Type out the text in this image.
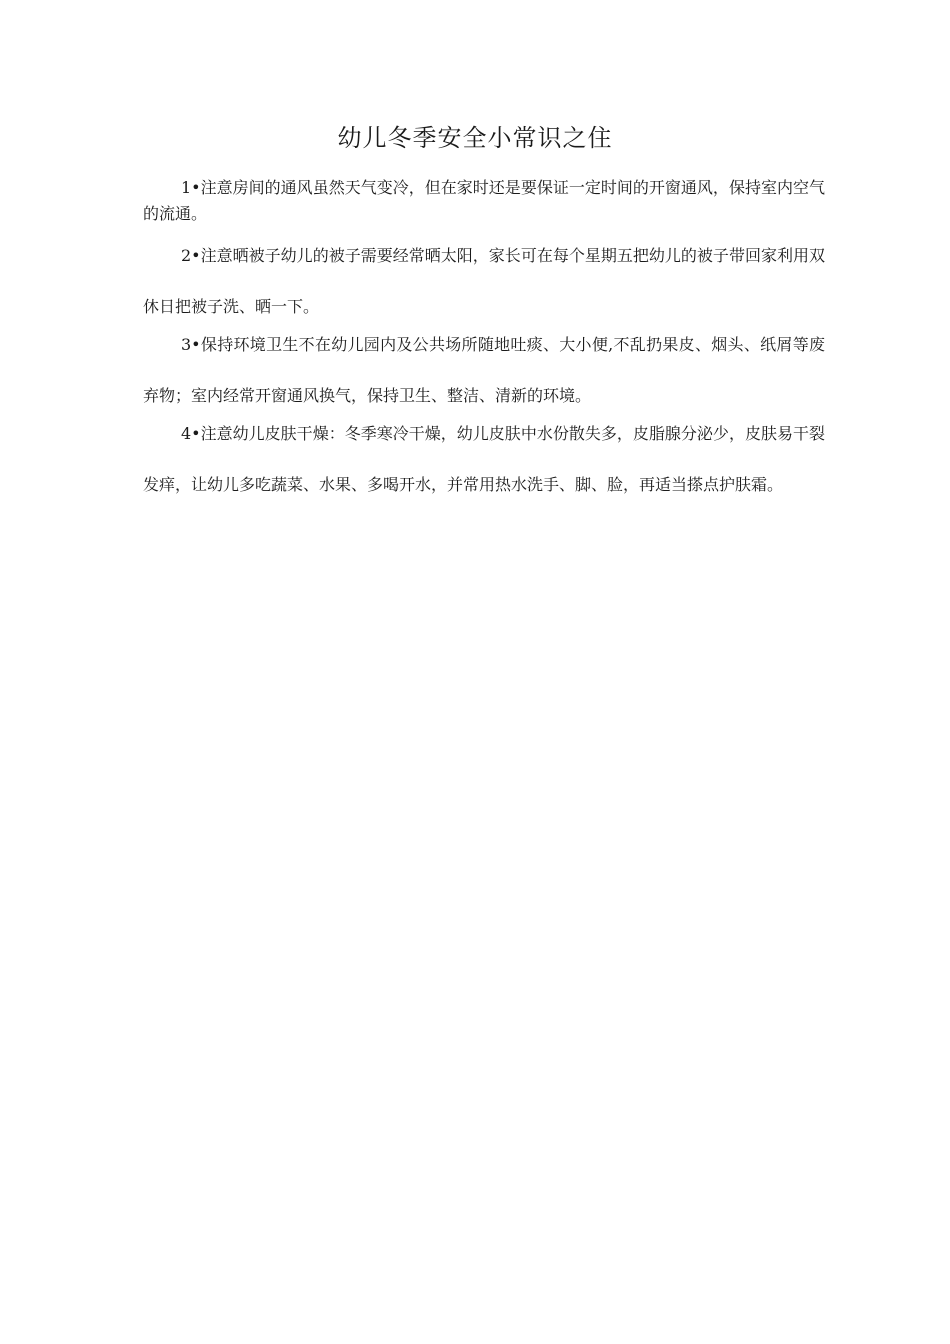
幼儿冬季安全小常识之住

1•注意房间的通风虽然天气变冷，但在家时还是要保证一定时间的开窗通风，保持室内空气的流通。

2•注意晒被子幼儿的被子需要经常晒太阳，家长可在每个星期五把幼儿的被子带回家利用双休日把被子洗、晒一下。

3•保持环境卫生不在幼儿园内及公共场所随地吐痰、大小便,不乱扔果皮、烟头、纸屑等废弃物；室内经常开窗通风换气，保持卫生、整洁、清新的环境。

4•注意幼儿皮肤干燥：冬季寒冷干燥，幼儿皮肤中水份散失多，皮脂腺分泌少，皮肤易干裂发痒，让幼儿多吃蔬菜、水果、多喝开水，并常用热水洗手、脚、脸，再适当搽点护肤霜。
